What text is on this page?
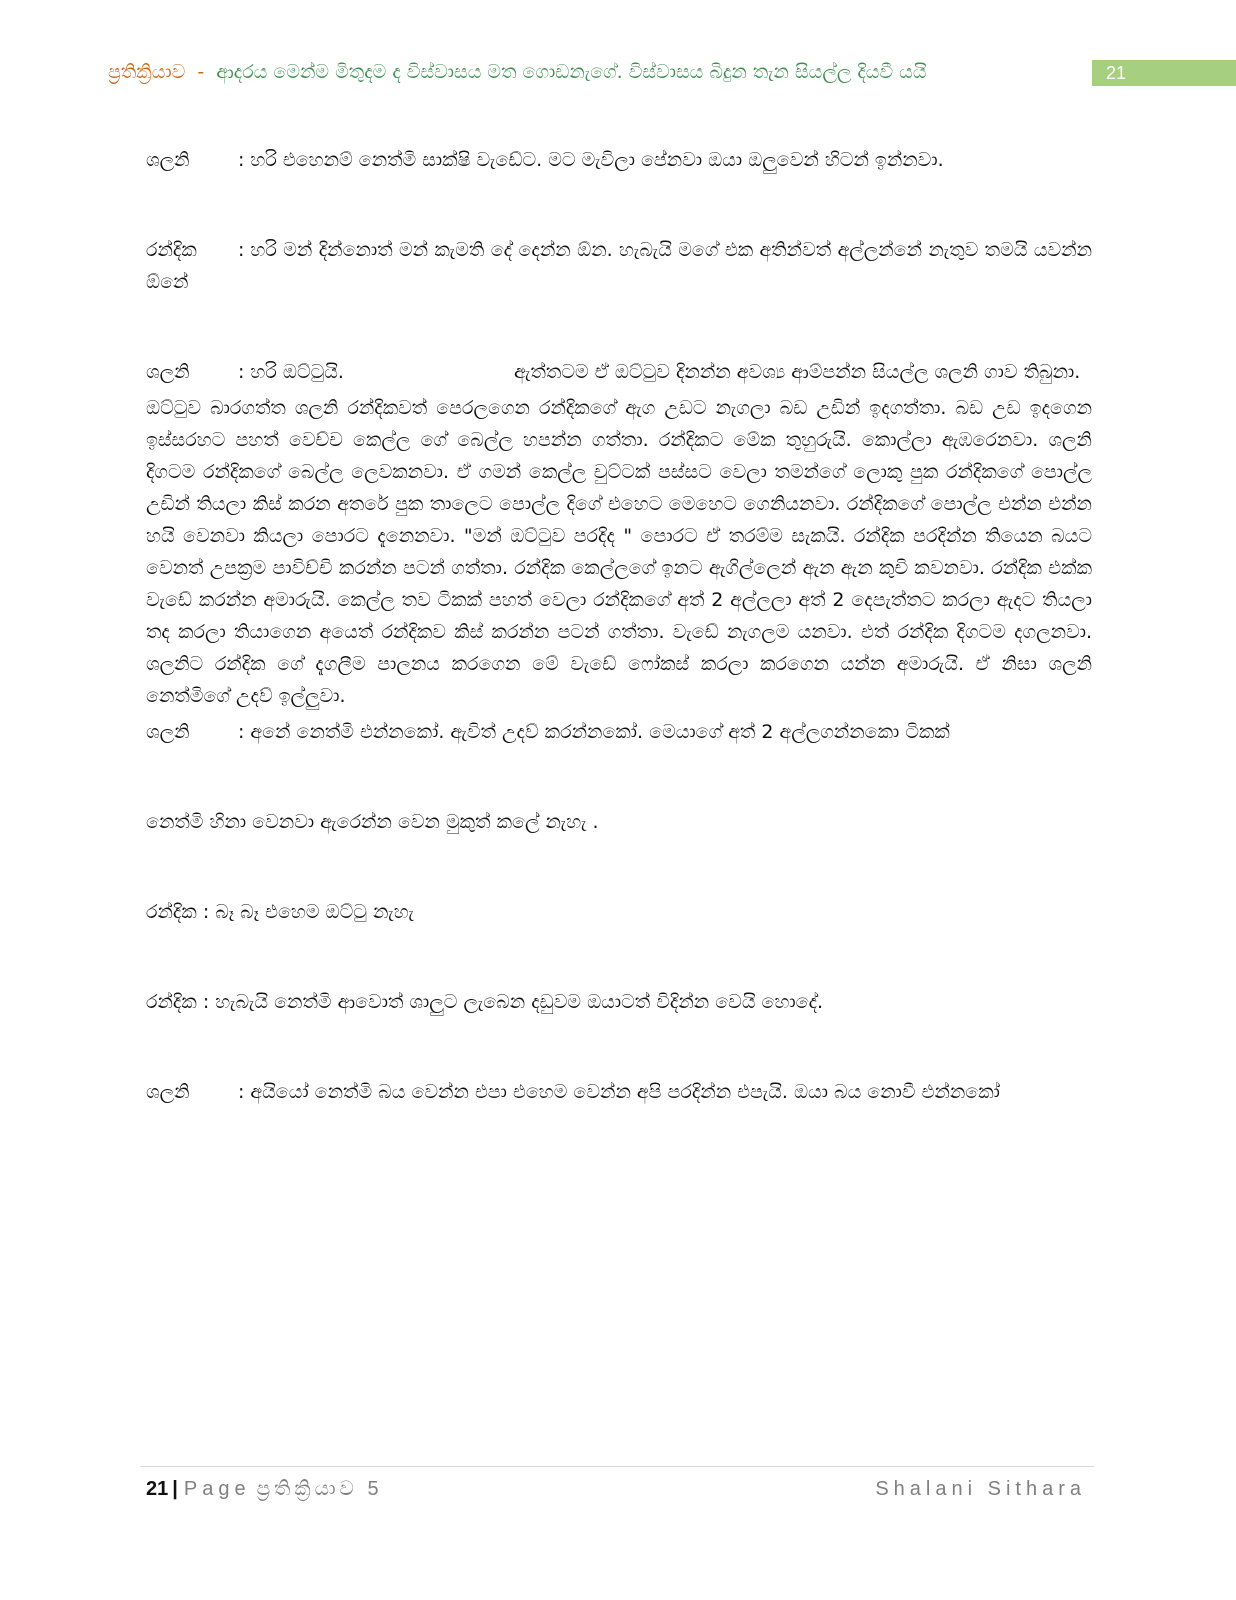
ප්‍රතික්‍රියාව - ආදරය මෙන්ම මිතුදම ද විස්වාසය මත ගොඩනැගේ. විස්වාසය බිදුන තැන සියල්ල දියවී යයි	21

ශලනි	: හරි එහෙනම් නෙත්මි සාක්ෂි වැඩේට. මට මැවිලා පේනවා ඔයා ඔලුවෙන් හිටන් ඉන්නවා.

රන්දික : හරි මන් දින්නොත් මන් කැමති දේ දෙන්න ඕන. හැබැයි මගේ එක අතින්වත් අල්ලන්නේ නැතුව තමයි යවන්න ඕනේ

ශලනි	: හරි ඔට්ටුයි.	ඇත්තටම ඒ ඔට්ටුව දිනන්න අවශ්‍ය ආම්පන්න සියල්ල ශලනි ගාව තිබුනා.

ඔට්ටුව බාරගත්ත ශලනි රන්දිකවත් පෙරලගෙන රන්දිකගේ ඇග උඩට නැගලා බඩ උඩින් ඉදගත්තා. බඩ උඩ ඉදගෙන ඉස්සරහට පහත් වෙච්ච කෙල්ල ගේ බෙල්ල හපන්න ගත්තා. රන්දිකට මේක තුහුරුයි. කොල්ලා ඇඹරෙනවා. ශලනි දිගටම රන්දිකගේ බෙල්ල ලෙවකනවා. ඒ ගමන් කෙල්ල චුට්ටක් පස්සට වෙලා තමන්ගේ ලොකු පුක රන්දිකගේ පොල්ල උඩින් තියලා කිස් කරන අතරේ පුක තාලෙට පොල්ල දිගේ එහෙට මෙහෙට ගෙනියනවා. රන්දිකගේ පොල්ල එන්න එන්න හයි වෙනවා කියලා පොරට දැනෙනවා. "මන් ඔට්ටුව පරදිද " පොරට ඒ තරම්ම සැකයි. රන්දික පරදින්න තියෙන බයට වෙනත් උපක්‍රම පාවිච්චි කරන්න පටන් ගත්තා. රන්දික කෙල්ලගේ ඉනට ඇගිල්ලෙන් ඇන ඇන කුචි කවනවා. රන්දික එක්ක වැඩේ කරන්න අමාරුයි. කෙල්ල තව ටිකක් පහත් වෙලා රන්දිකගේ අත් 2 අල්ලලා අත් 2 දෙපැත්තට කරලා ඇදට තියලා තද කරලා තියාගෙන අයෙත් රන්දිකව කිස් කරන්න පටන් ගත්තා. වැඩේ නැගලම යනවා. එත් රන්දික දිගටම දගලනවා. ශලනිට රන්දික ගේ දැගලීම පාලනය කරගෙන මේ වැඩේ ෆෝකස් කරලා කරගෙන යන්න අමාරුයි. ඒ නිසා ශලනි නෙත්මිගේ උදව් ඉල්ලුවා.

ශලනි	: අනේ නෙත්මි එන්නකෝ. ඇවිත් උදව් කරන්නකෝ. මෙයාගේ අත් 2 අල්ලගන්නකො ටිකක්

නෙත්මි හිනා වෙනවා ඇරෙන්න වෙන මුකුත් කලේ නැහැ .

රන්දික : බෑ බෑ එහෙම ඔට්ටු නැහැ

රන්දික : හැබැයි නෙත්මි ආවොත් ශාලුට ලැබෙන දඩුවම ඔයාටත් විදින්න වෙයි හොදේ.

ශලනි	: අයියෝ නෙත්මි බය වෙන්න එපා එහෙම වෙන්න අපි පරදින්න එපැයි. ඔයා බය නොවී එන්නකෝ

21 | Page ප්‍රතික්‍රියාව 5	Shalani Sithara
